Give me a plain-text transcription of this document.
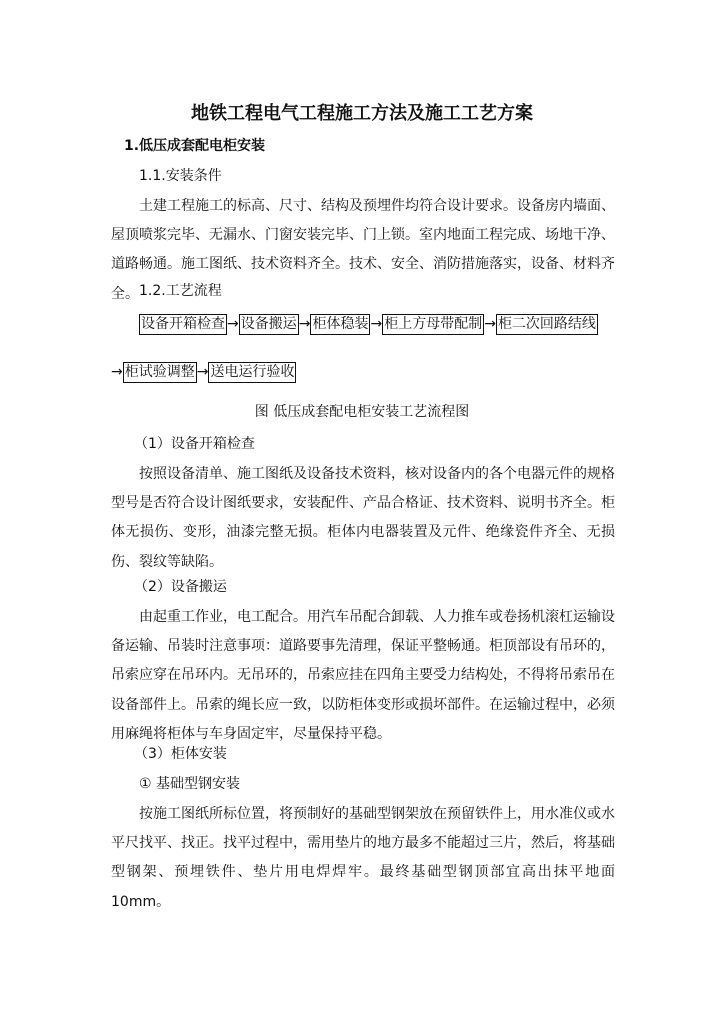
地铁工程电气工程施工方法及施工工艺方案
1.低压成套配电柜安装
1.1.安装条件
土建工程施工的标高、尺寸、结构及预埋件均符合设计要求。设备房内墙面、屋顶喷浆完毕、无漏水、门窗安装完毕、门上锁。室内地面工程完成、场地干净、道路畅通。施工图纸、技术资料齐全。技术、安全、消防措施落实，设备、材料齐全。 1.2.工艺流程
设备开箱检查 → 设备搬运 → 柜体稳装 → 柜上方母带配制 → 柜二次回路结线
→ 柜试验调整 → 送电运行验收
图 低压成套配电柜安装工艺流程图
（1）设备开箱检查
按照设备清单、施工图纸及设备技术资料，核对设备内的各个电器元件的规格型号是否符合设计图纸要求，安装配件、产品合格证、技术资料、说明书齐全。柜体无损伤、变形，油漆完整无损。柜体内电器装置及元件、绝缘瓷件齐全、无损伤、裂纹等缺陷。
（2）设备搬运
由起重工作业，电工配合。用汽车吊配合卸载、人力推车或卷扬机滚杠运输设备运输、吊装时注意事项：道路要事先清理，保证平整畅通。柜顶部设有吊环的，吊索应穿在吊环内。无吊环的，吊索应挂在四角主要受力结构处，不得将吊索吊在设备部件上。吊索的绳长应一致，以防柜体变形或损坏部件。在运输过程中，必须用麻绳将柜体与车身固定牢，尽量保持平稳。
（3）柜体安装
① 基础型钢安装
按施工图纸所标位置，将预制好的基础型钢架放在预留铁件上，用水准仪或水平尺找平、找正。找平过程中，需用垫片的地方最多不能超过三片，然后，将基础型钢架、预埋铁件、垫片用电焊焊牢。最终基础型钢顶部宜高出抹平地面10mm。
